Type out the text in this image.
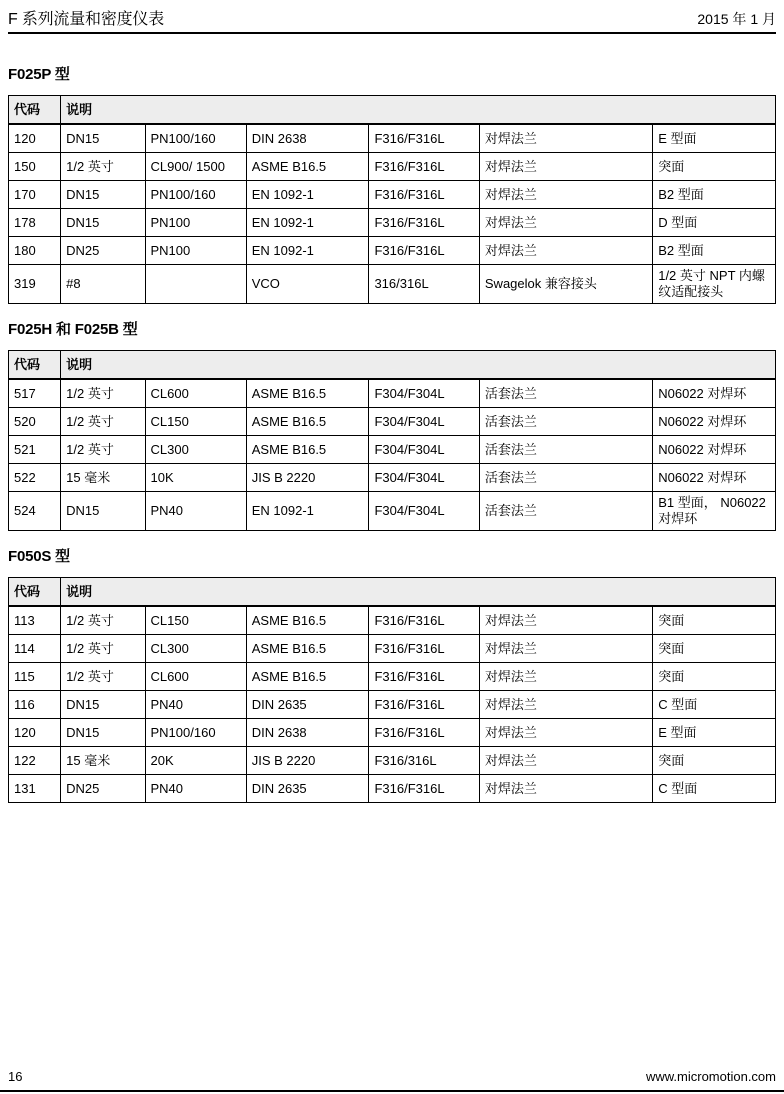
F 系列流量和密度仪表	2015 年 1 月
F025P 型
代码	说明					
120	DN15	PN100/160	DIN 2638	F316/F316L	对焊法兰	E 型面
150	1/2 英寸	CL900/ 1500	ASME B16.5	F316/F316L	对焊法兰	突面
170	DN15	PN100/160	EN 1092-1	F316/F316L	对焊法兰	B2 型面
178	DN15	PN100	EN 1092-1	F316/F316L	对焊法兰	D 型面
180	DN25	PN100	EN 1092-1	F316/F316L	对焊法兰	B2 型面
319	#8		VCO	316/316L	Swagelok 兼容接头	1/2 英寸 NPT 内螺纹适配接头
F025H 和 F025B 型
代码	说明					
517	1/2 英寸	CL600	ASME B16.5	F304/F304L	活套法兰	N06022 对焊环
520	1/2 英寸	CL150	ASME B16.5	F304/F304L	活套法兰	N06022 对焊环
521	1/2 英寸	CL300	ASME B16.5	F304/F304L	活套法兰	N06022 对焊环
522	15 毫米	10K	JIS B 2220	F304/F304L	活套法兰	N06022 对焊环
524	DN15	PN40	EN 1092-1	F304/F304L	活套法兰	B1 型面， N06022 对焊环
F050S 型
代码	说明					
113	1/2 英寸	CL150	ASME B16.5	F316/F316L	对焊法兰	突面
114	1/2 英寸	CL300	ASME B16.5	F316/F316L	对焊法兰	突面
115	1/2 英寸	CL600	ASME B16.5	F316/F316L	对焊法兰	突面
116	DN15	PN40	DIN 2635	F316/F316L	对焊法兰	C 型面
120	DN15	PN100/160	DIN 2638	F316/F316L	对焊法兰	E 型面
122	15 毫米	20K	JIS B 2220	F316/316L	对焊法兰	突面
131	DN25	PN40	DIN 2635	F316/F316L	对焊法兰	C 型面
16	www.micromotion.com
